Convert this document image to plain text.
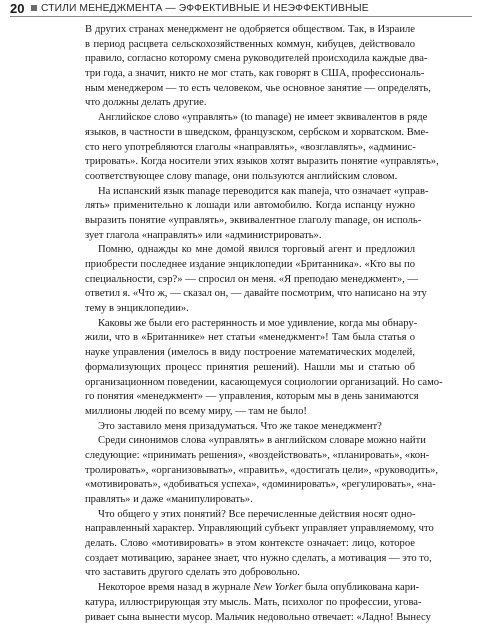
20 СТИЛИ МЕНЕДЖМЕНТА — ЭФФЕКТИВНЫЕ И НЕЭФФЕКТИВНЫЕ
В других странах менеджмент не одобряется обществом. Так, в Израиле
в период расцвета сельскохозяйственных коммун, кибуцев, действовало
правило, согласно которому смена руководителей происходила каждые два-
три года, а значит, никто не мог стать, как говорят в США, профессиональ-
ным менеджером — то есть человеком, чье основное занятие — определять,
что должны делать другие.
Английское слово «управлять» (to manage) не имеет эквивалентов в ряде
языков, в частности в шведском, французском, сербском и хорватском. Вме-
сто него употребляются глаголы «направлять», «возглавлять», «админис-
трировать». Когда носители этих языков хотят выразить понятие «управлять»,
соответствующее слову manage, они пользуются английским словом.
На испанский язык manage переводится как manejа, что означает «управ-
лять» применительно к лошади или автомобилю. Когда испанцу нужно
выразить понятие «управлять», эквивалентное глаголу manage, он исполь-
зует глагола «направлять» или «администрировать».
Помню, однажды ко мне домой явился торговый агент и предложил
приобрести последнее издание энциклопедии «Британника». «Кто вы по
специальности, сэр?» — спросил он меня. «Я преподаю менеджмент», —
ответил я. «Что ж, — сказал он, — давайте посмотрим, что написано на эту
тему в энциклопедии».
Каковы же были его растерянность и мое удивление, когда мы обнару-
жили, что в «Британнике» нет статьи «менеджмент»! Там была статья о
науке управления (имелось в виду построение математических моделей,
формализующих процесс принятия решений). Нашли мы и статью об
организационном поведении, касающемуся социологии организаций. Но само-
го понятия «менеджмент» — управления, которым мы в день занимаются
миллионы людей по всему миру, — там не было!
Это заставило меня призадуматься. Что же такое менеджмент?
Среди синонимов слова «управлять» в английском словаре можно найти
следующие: «принимать решения», «воздействовать», «планировать», «кон-
тролировать», «организовывать», «править», «достигать цели», «руководить»,
«мотивировать», «добиваться успеха», «доминировать», «регулировать», «на-
правлять» и даже «манипулировать».
Что общего у этих понятий? Все перечисленные действия носят одно-
направленный характер. Управляющий субъект управляет управляемому, что
делать. Слово «мотивировать» в этом контексте означает: лицо, которое
создает мотивацию, заранее знает, что нужно сделать, а мотивация — это то,
что заставить другого сделать это добровольно.
Некоторое время назад в журнале New Yorker была опубликована кари-
катура, иллюстрирующая эту мысль. Мать, психолог по профессии, угова-
ривает сына вынести мусор. Мальчик недовольно отвечает: «Ладно! Вынесу
